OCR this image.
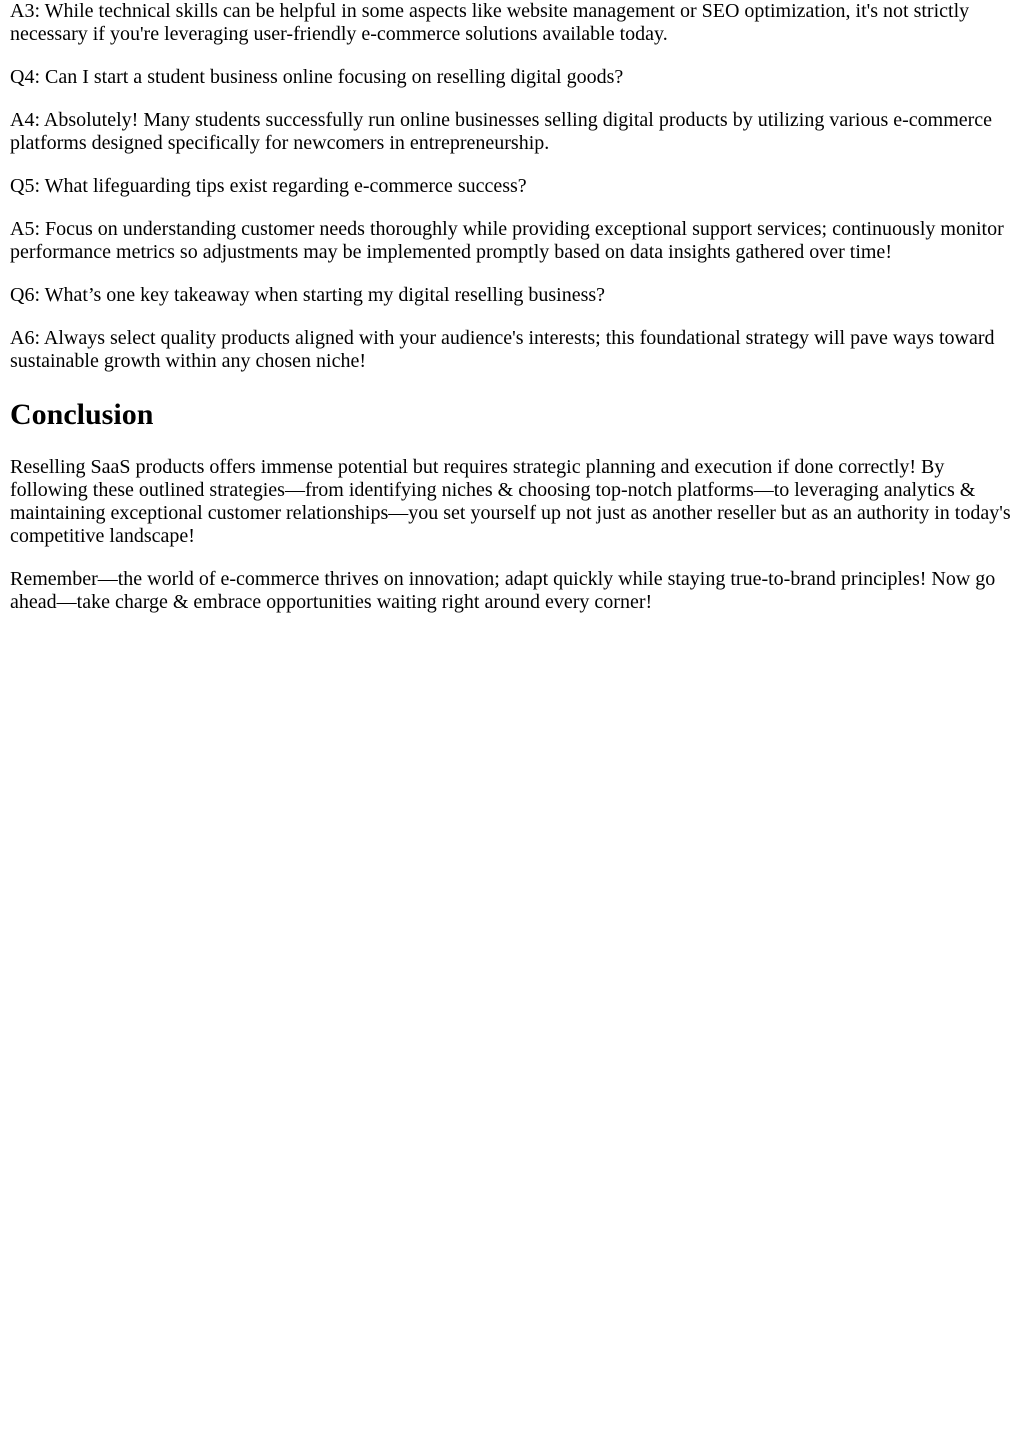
A3: While technical skills can be helpful in some aspects like website management or SEO optimization, it's not strictly necessary if you're leveraging user-friendly e-commerce solutions available today.

Q4: Can I start a student business online focusing on reselling digital goods?

A4: Absolutely! Many students successfully run online businesses selling digital products by utilizing various e-commerce platforms designed specifically for newcomers in entrepreneurship.

Q5: What lifeguarding tips exist regarding e-commerce success?

A5: Focus on understanding customer needs thoroughly while providing exceptional support services; continuously monitor performance metrics so adjustments may be implemented promptly based on data insights gathered over time!

Q6: What’s one key takeaway when starting my digital reselling business?

A6: Always select quality products aligned with your audience's interests; this foundational strategy will pave ways toward sustainable growth within any chosen niche!

Conclusion

Reselling SaaS products offers immense potential but requires strategic planning and execution if done correctly! By following these outlined strategies—from identifying niches & choosing top-notch platforms—to leveraging analytics & maintaining exceptional customer relationships—you set yourself up not just as another reseller but as an authority in today's competitive landscape!

Remember—the world of e-commerce thrives on innovation; adapt quickly while staying true-to-brand principles! Now go ahead—take charge & embrace opportunities waiting right around every corner!
